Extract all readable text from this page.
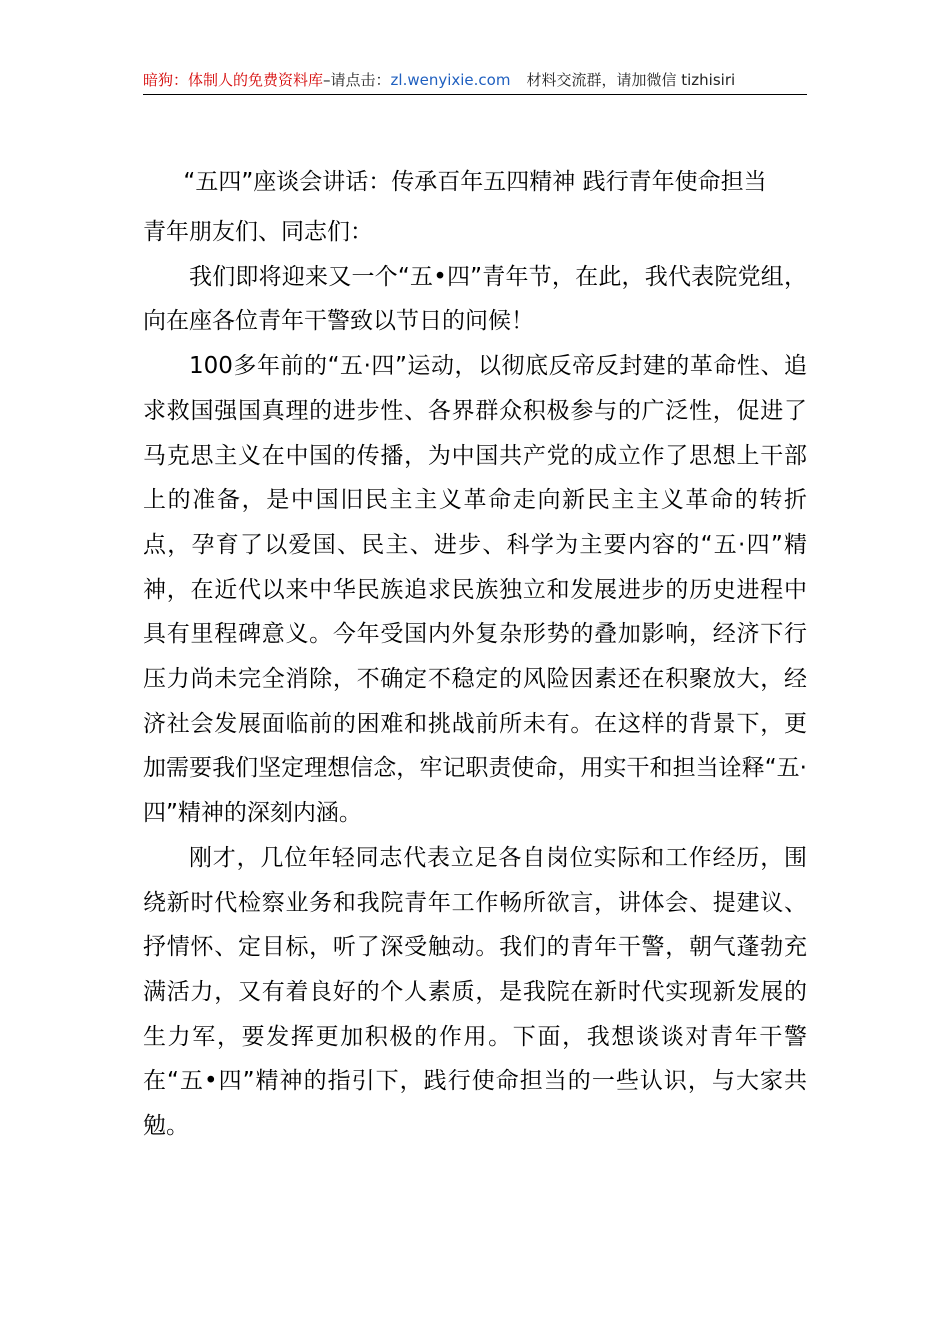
暗狗：体制人的免费资料库–请点击：zl.wenyixie.com 材料交流群，请加微信 tizhisiri
“五四”座谈会讲话：传承百年五四精神 践行青年使命担当

青年朋友们、同志们：

我们即将迎来又一个“五•四”青年节，在此，我代表院党组，向在座各位青年干警致以节日的问候！

100多年前的“五·四”运动，以彻底反帝反封建的革命性、追求救国强国真理的进步性、各界群众积极参与的广泛性，促进了马克思主义在中国的传播，为中国共产党的成立作了思想上干部上的准备，是中国旧民主主义革命走向新民主主义革命的转折点，孕育了以爱国、民主、进步、科学为主要内容的“五·四”精神，在近代以来中华民族追求民族独立和发展进步的历史进程中具有里程碑意义。今年受国内外复杂形势的叠加影响，经济下行压力尚未完全消除，不确定不稳定的风险因素还在积聚放大，经济社会发展面临前的困难和挑战前所未有。在这样的背景下，更加需要我们坚定理想信念，牢记职责使命，用实干和担当诠释“五·四”精神的深刻内涵。

刚才，几位年轻同志代表立足各自岗位实际和工作经历，围绕新时代检察业务和我院青年工作畅所欲言，讲体会、提建议、抒情怀、定目标，听了深受触动。我们的青年干警，朝气蓬勃充满活力，又有着良好的个人素质，是我院在新时代实现新发展的生力军，要发挥更加积极的作用。下面，我想谈谈对青年干警在“五•四”精神的指引下，践行使命担当的一些认识，与大家共勉。
